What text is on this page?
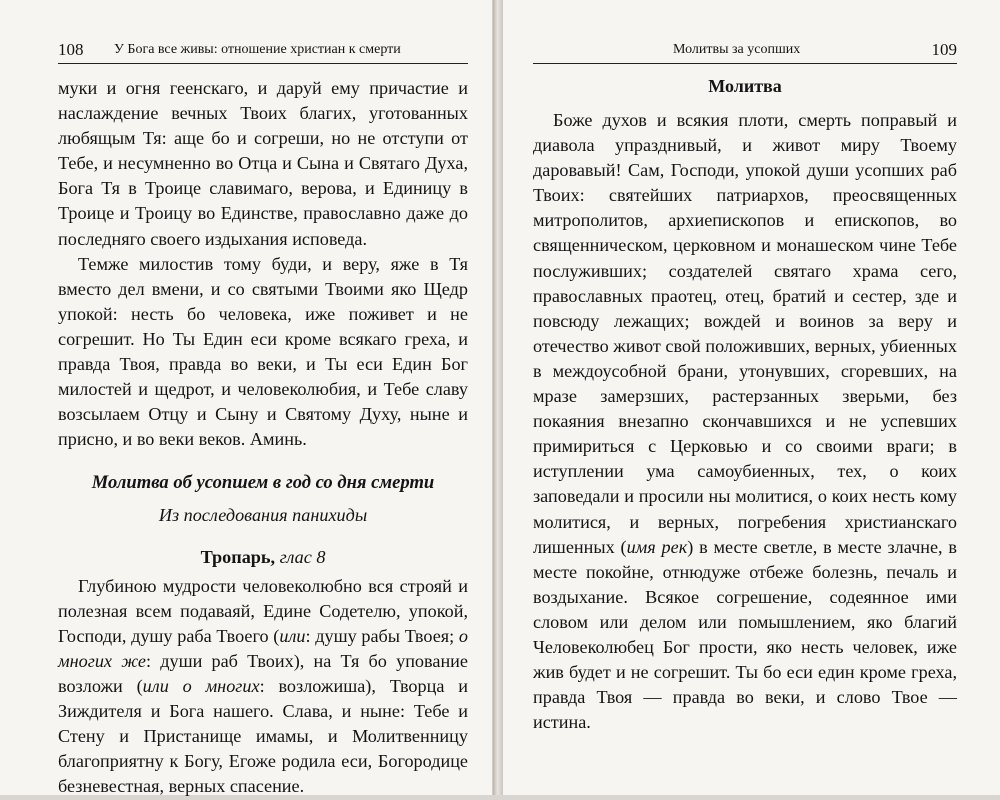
108 У Бога все живы: отношение христиан к смерти

муки и огня геенскаго, и даруй ему причастие и наслаждение вечных Твоих благих, уготованных любящым Тя: аще бо и согреши, но не отступи от Тебе, и несумненно во Отца и Сына и Святаго Духа, Бога Тя в Троице славимаго, верова, и Единицу в Троице и Троицу во Единстве, православно даже до последняго своего издыхания исповеда.

Темже милостив тому буди, и веру, яже в Тя вместо дел вмени, и со святыми Твоими яко Щедр упокой: несть бо человека, иже поживет и не согрешит. Но Ты Един еси кроме всякаго греха, и правда Твоя, правда во веки, и Ты еси Един Бог милостей и щедрот, и человеколюбия, и Тебе славу возсылаем Отцу и Сыну и Святому Духу, ныне и присно, и во веки веков. Аминь.

Молитва об усопшем в год со дня смерти

Из последования панихиды

Тропарь, глас 8

Глубиною мудрости человеколюбно вся строяй и полезная всем подаваяй, Едине Содетелю, упокой, Господи, душу раба Твоего (или: душу рабы Твоея; о многих же: души раб Твоих), на Тя бо упование возложи (или о многих: возложиша), Творца и Зиждителя и Бога нашего. Слава, и ныне: Тебе и Стену и Пристанище имамы, и Молитвенницу благоприятну к Богу, Егоже родила еси, Богородице безневестная, верных спасение.

Молитвы за усопших	109
Молитва

Боже духов и всякия плоти, смерть поправый и диавола упразднивый, и живот миру Твоему даровавый! Сам, Господи, упокой души усопших раб Твоих: святейших патриархов, преосвященных митрополитов, архиепископов и епископов, во священническом, церковном и монашеском чине Тебе послуживших; создателей святаго храма сего, православных праотец, отец, братий и сестер, зде и повсюду лежащих; вождей и воинов за веру и отечество живот свой положивших, верных, убиенных в междоусобной брани, утонувших, сгоревших, на мразе замерзших, растерзанных зверьми, без покаяния внезапно скончавшихся и не успевших примириться с Церковью и со своими враги; в иступлении ума самоубиенных, тех, о коих заповедали и просили ны молитися, о коих несть кому молитися, и верных, погребения христианскаго лишенных (имя рек) в месте светле, в месте злачне, в месте покойне, отнюдуже отбеже болезнь, печаль и воздыхание. Всякое согрешение, содеянное ими словом или делом или помышлением, яко благий Человеколюбец Бог прости, яко несть человек, иже жив будет и не согрешит. Ты бо еси един кроме греха, правда Твоя — правда во веки, и слово Твое — истина.
